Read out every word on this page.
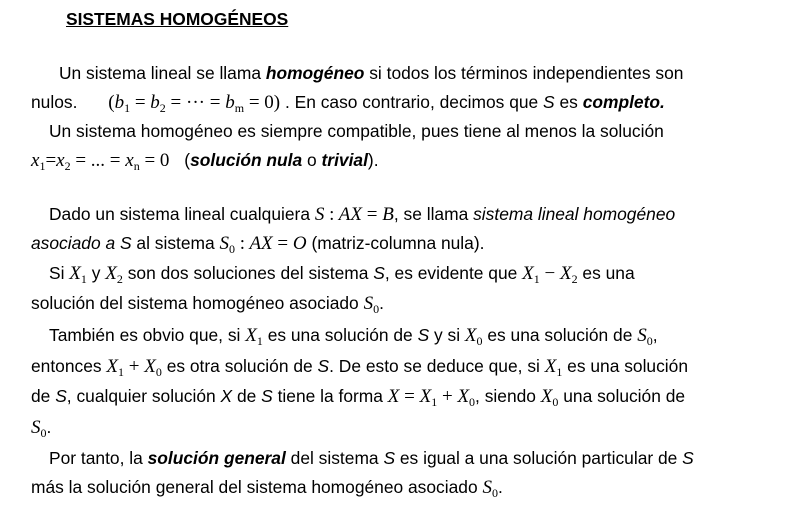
SISTEMAS HOMOGÉNEOS
Un sistema lineal se llama homogéneo si todos los términos independientes son
nulos. ($b_1 = b_2$ = ··· = $b_m = 0$) . En caso contrario, decimos que S es completo.
Un sistema homogéneo es siempre compatible, pues tiene al menos la solución
$x_1=x_2$ = ... = $x_n = 0$ (solución nula o trivial).
Dado un sistema lineal cualquiera S : AX = B, se llama sistema lineal homogéneo
asociado a S al sistema $S_0$ : AX = O (matriz-columna nula).
Si $X_1$ y $X_2$ son dos soluciones del sistema S, es evidente que $X_1 - X_2$ es una
solución del sistema homogéneo asociado $S_0$.
También es obvio que, si $X_1$ es una solución de S y si $X_0$ es una solución de $S_0$,
entonces $X_1 + X_0$ es otra solución de S. De esto se deduce que, si $X_1$ es una solución
de S, cualquier solución X de S tiene la forma $X = X_1 + X_0$, siendo $X_0$ una solución de
$S_0$.
Por tanto, la solución general del sistema S es igual a una solución particular de S
más la solución general del sistema homogéneo asociado $S_0$.
